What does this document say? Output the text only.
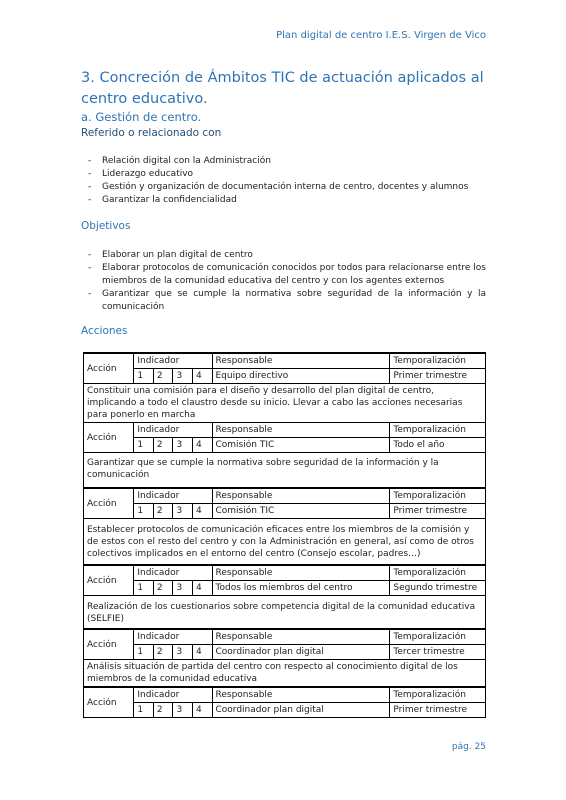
Plan digital de centro I.E.S. Virgen de Vico
3. Concreción de Ámbitos TIC de actuación aplicados al centro educativo.
a. Gestión de centro.
Referido o relacionado con
- Relación digital con la Administración
- Liderazgo educativo
- Gestión y organización de documentación interna de centro, docentes y alumnos
- Garantizar la confidencialidad
Objetivos
- Elaborar un plan digital de centro
- Elaborar protocolos de comunicación conocidos por todos para relacionarse entre los miembros de la comunidad educativa del centro y con los agentes externos
- Garantizar que se cumple la normativa sobre seguridad de la información y la comunicación
Acciones
Acción	Indicador				Responsable	Temporalización
	1	2	3	4	Equipo directivo	Primer trimestre
Constituir una comisión para el diseño y desarrollo del plan digital de centro, implicando a todo el claustro desde su inicio. Llevar a cabo las acciones necesarias para ponerlo en marcha						
Acción	Indicador				Responsable	Temporalización
	1	2	3	4	Comisión TIC	Todo el año
Garantizar que se cumple la normativa sobre seguridad de la información y la comunicación						
Acción	Indicador				Responsable	Temporalización
	1	2	3	4	Comisión TIC	Primer trimestre
Establecer protocolos de comunicación eficaces entre los miembros de la comisión y de estos con el resto del centro y con la Administración en general, así como de otros colectivos implicados en el entorno del centro (Consejo escolar, padres…)						
Acción	Indicador				Responsable	Temporalización
	1	2	3	4	Todos los miembros del centro	Segundo trimestre
Realización de los cuestionarios sobre competencia digital de la comunidad educativa (SELFIE)						
Acción	Indicador				Responsable	Temporalización
	1	2	3	4	Coordinador plan digital	Tercer trimestre
Análisis situación de partida del centro con respecto al conocimiento digital de los miembros de la comunidad educativa						
Acción	Indicador				Responsable	Temporalización
	1	2	3	4	Coordinador plan digital	Primer trimestre
pág. 25
